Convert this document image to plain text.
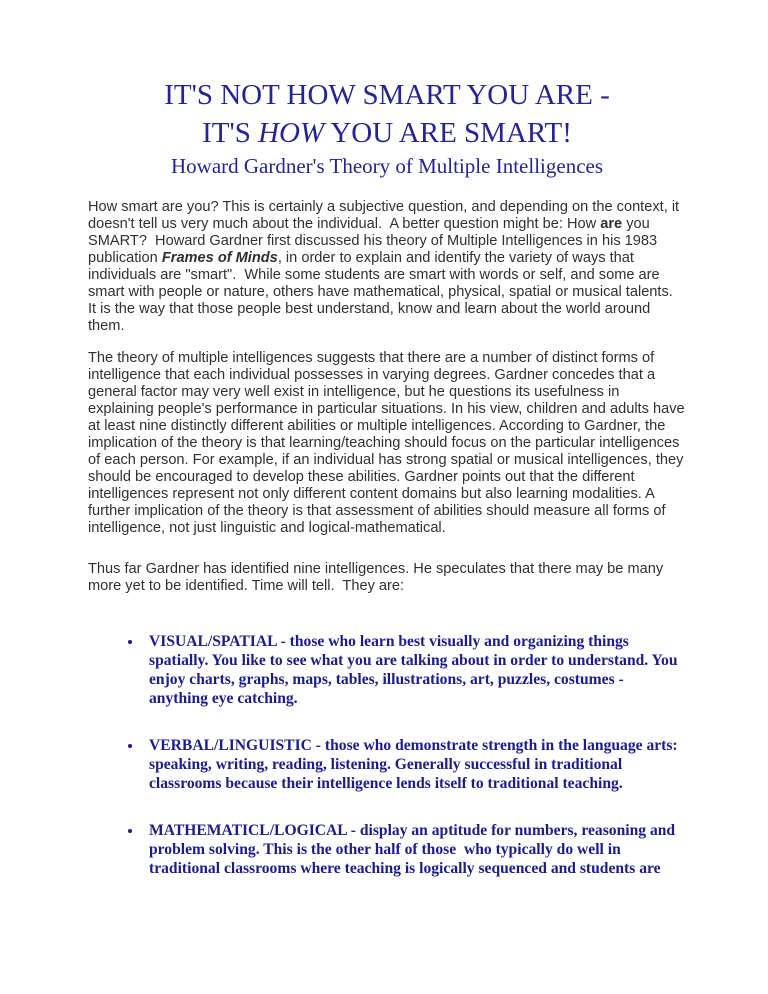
IT'S NOT HOW SMART YOU ARE -
IT'S HOW YOU ARE SMART!
Howard Gardner's Theory of Multiple Intelligences

How smart are you? This is certainly a subjective question, and depending on the context, it doesn't tell us very much about the individual.  A better question might be: How are you SMART?  Howard Gardner first discussed his theory of Multiple Intelligences in his 1983 publication Frames of Minds, in order to explain and identify the variety of ways that individuals are "smart".  While some students are smart with words or self, and some are smart with people or nature, others have mathematical, physical, spatial or musical talents.  It is the way that those people best understand, know and learn about the world around them.

The theory of multiple intelligences suggests that there are a number of distinct forms of intelligence that each individual possesses in varying degrees. Gardner concedes that a general factor may very well exist in intelligence, but he questions its usefulness in explaining people's performance in particular situations. In his view, children and adults have at least nine distinctly different abilities or multiple intelligences. According to Gardner, the implication of the theory is that learning/teaching should focus on the particular intelligences of each person. For example, if an individual has strong spatial or musical intelligences, they should be encouraged to develop these abilities. Gardner points out that the different intelligences represent not only different content domains but also learning modalities. A further implication of the theory is that assessment of abilities should measure all forms of intelligence, not just linguistic and logical-mathematical.

Thus far Gardner has identified nine intelligences. He speculates that there may be many more yet to be identified. Time will tell.  They are:

• VISUAL/SPATIAL - those who learn best visually and organizing things spatially. You like to see what you are talking about in order to understand. You enjoy charts, graphs, maps, tables, illustrations, art, puzzles, costumes - anything eye catching.
• VERBAL/LINGUISTIC - those who demonstrate strength in the language arts: speaking, writing, reading, listening. Generally successful in traditional classrooms because their intelligence lends itself to traditional teaching.
• MATHEMATICL/LOGICAL - display an aptitude for numbers, reasoning and problem solving. This is the other half of those  who typically do well in traditional classrooms where teaching is logically sequenced and students are
